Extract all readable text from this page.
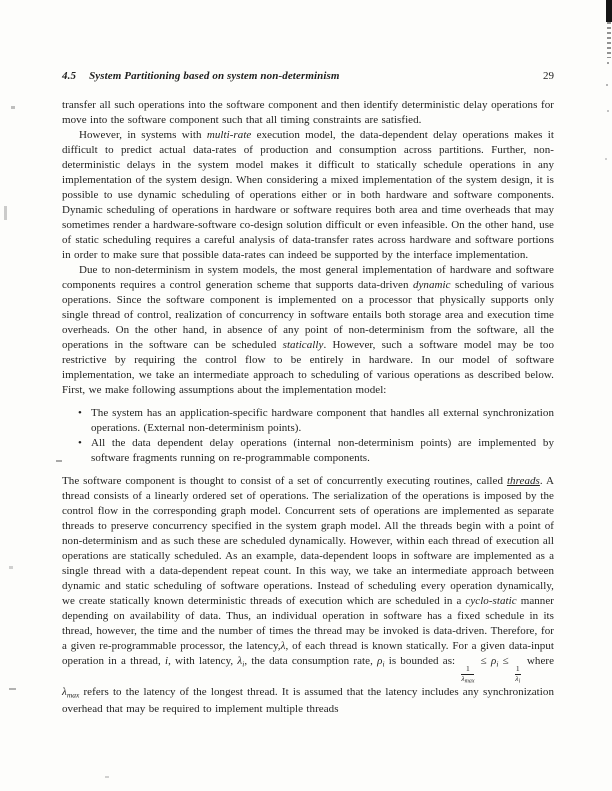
4.5 System Partitioning based on system non-determinism	29

transfer all such operations into the software component and then identify deterministic delay operations for move into the software component such that all timing constraints are satisfied.

However, in systems with multi-rate execution model, the data-dependent delay operations makes it difficult to predict actual data-rates of production and consumption across partitions. Further, non-deterministic delays in the system model makes it difficult to statically schedule operations in any implementation of the system design. When considering a mixed implementation of the system design, it is possible to use dynamic scheduling of operations either or in both hardware and software components. Dynamic scheduling of operations in hardware or software requires both area and time overheads that may sometimes render a hardware-software co-design solution difficult or even infeasible. On the other hand, use of static scheduling requires a careful analysis of data-transfer rates across hardware and software portions in order to make sure that possible data-rates can indeed be supported by the interface implementation.

Due to non-determinism in system models, the most general implementation of hardware and software components requires a control generation scheme that supports data-driven dynamic scheduling of various operations. Since the software component is implemented on a processor that physically supports only single thread of control, realization of concurrency in software entails both storage area and execution time overheads. On the other hand, in absence of any point of non-determinism from the software, all the operations in the software can be scheduled statically. However, such a software model may be too restrictive by requiring the control flow to be entirely in hardware. In our model of software implementation, we take an intermediate approach to scheduling of various operations as described below. First, we make following assumptions about the implementation model:

• The system has an application-specific hardware component that handles all external synchronization operations. (External non-determinism points).
• All the data dependent delay operations (internal non-determinism points) are implemented by software fragments running on re-programmable components.

The software component is thought to consist of a set of concurrently executing routines, called threads. A thread consists of a linearly ordered set of operations. The serialization of the operations is imposed by the control flow in the corresponding graph model. Concurrent sets of operations are implemented as separate threads to preserve concurrency specified in the system graph model. All the threads begin with a point of non-determinism and as such these are scheduled dynamically. However, within each thread of execution all operations are statically scheduled. As an example, data-dependent loops in software are implemented as a single thread with a data-dependent repeat count. In this way, we take an intermediate approach between dynamic and static scheduling of software operations. Instead of scheduling every operation dynamically, we create statically known deterministic threads of execution which are scheduled in a cyclo-static manner depending on availability of data. Thus, an individual operation in software has a fixed schedule in its thread, however, the time and the number of times the thread may be invoked is data-driven. Therefore, for a given re-programmable processor, the latency,λ, of each thread is known statically. For a given data-input operation in a thread, i, with latency, $\lambda_i$, the data consumption rate, $\rho_i$ is bounded as:
$\frac{1}{\lambda_{max}}$
≤ $\rho_i$ ≤
$\frac{1}{\lambda_i}$
where $\lambda_{max}$ refers to the latency of the longest thread. It is assumed that the latency includes any synchronization overhead that may be required to implement multiple threads
